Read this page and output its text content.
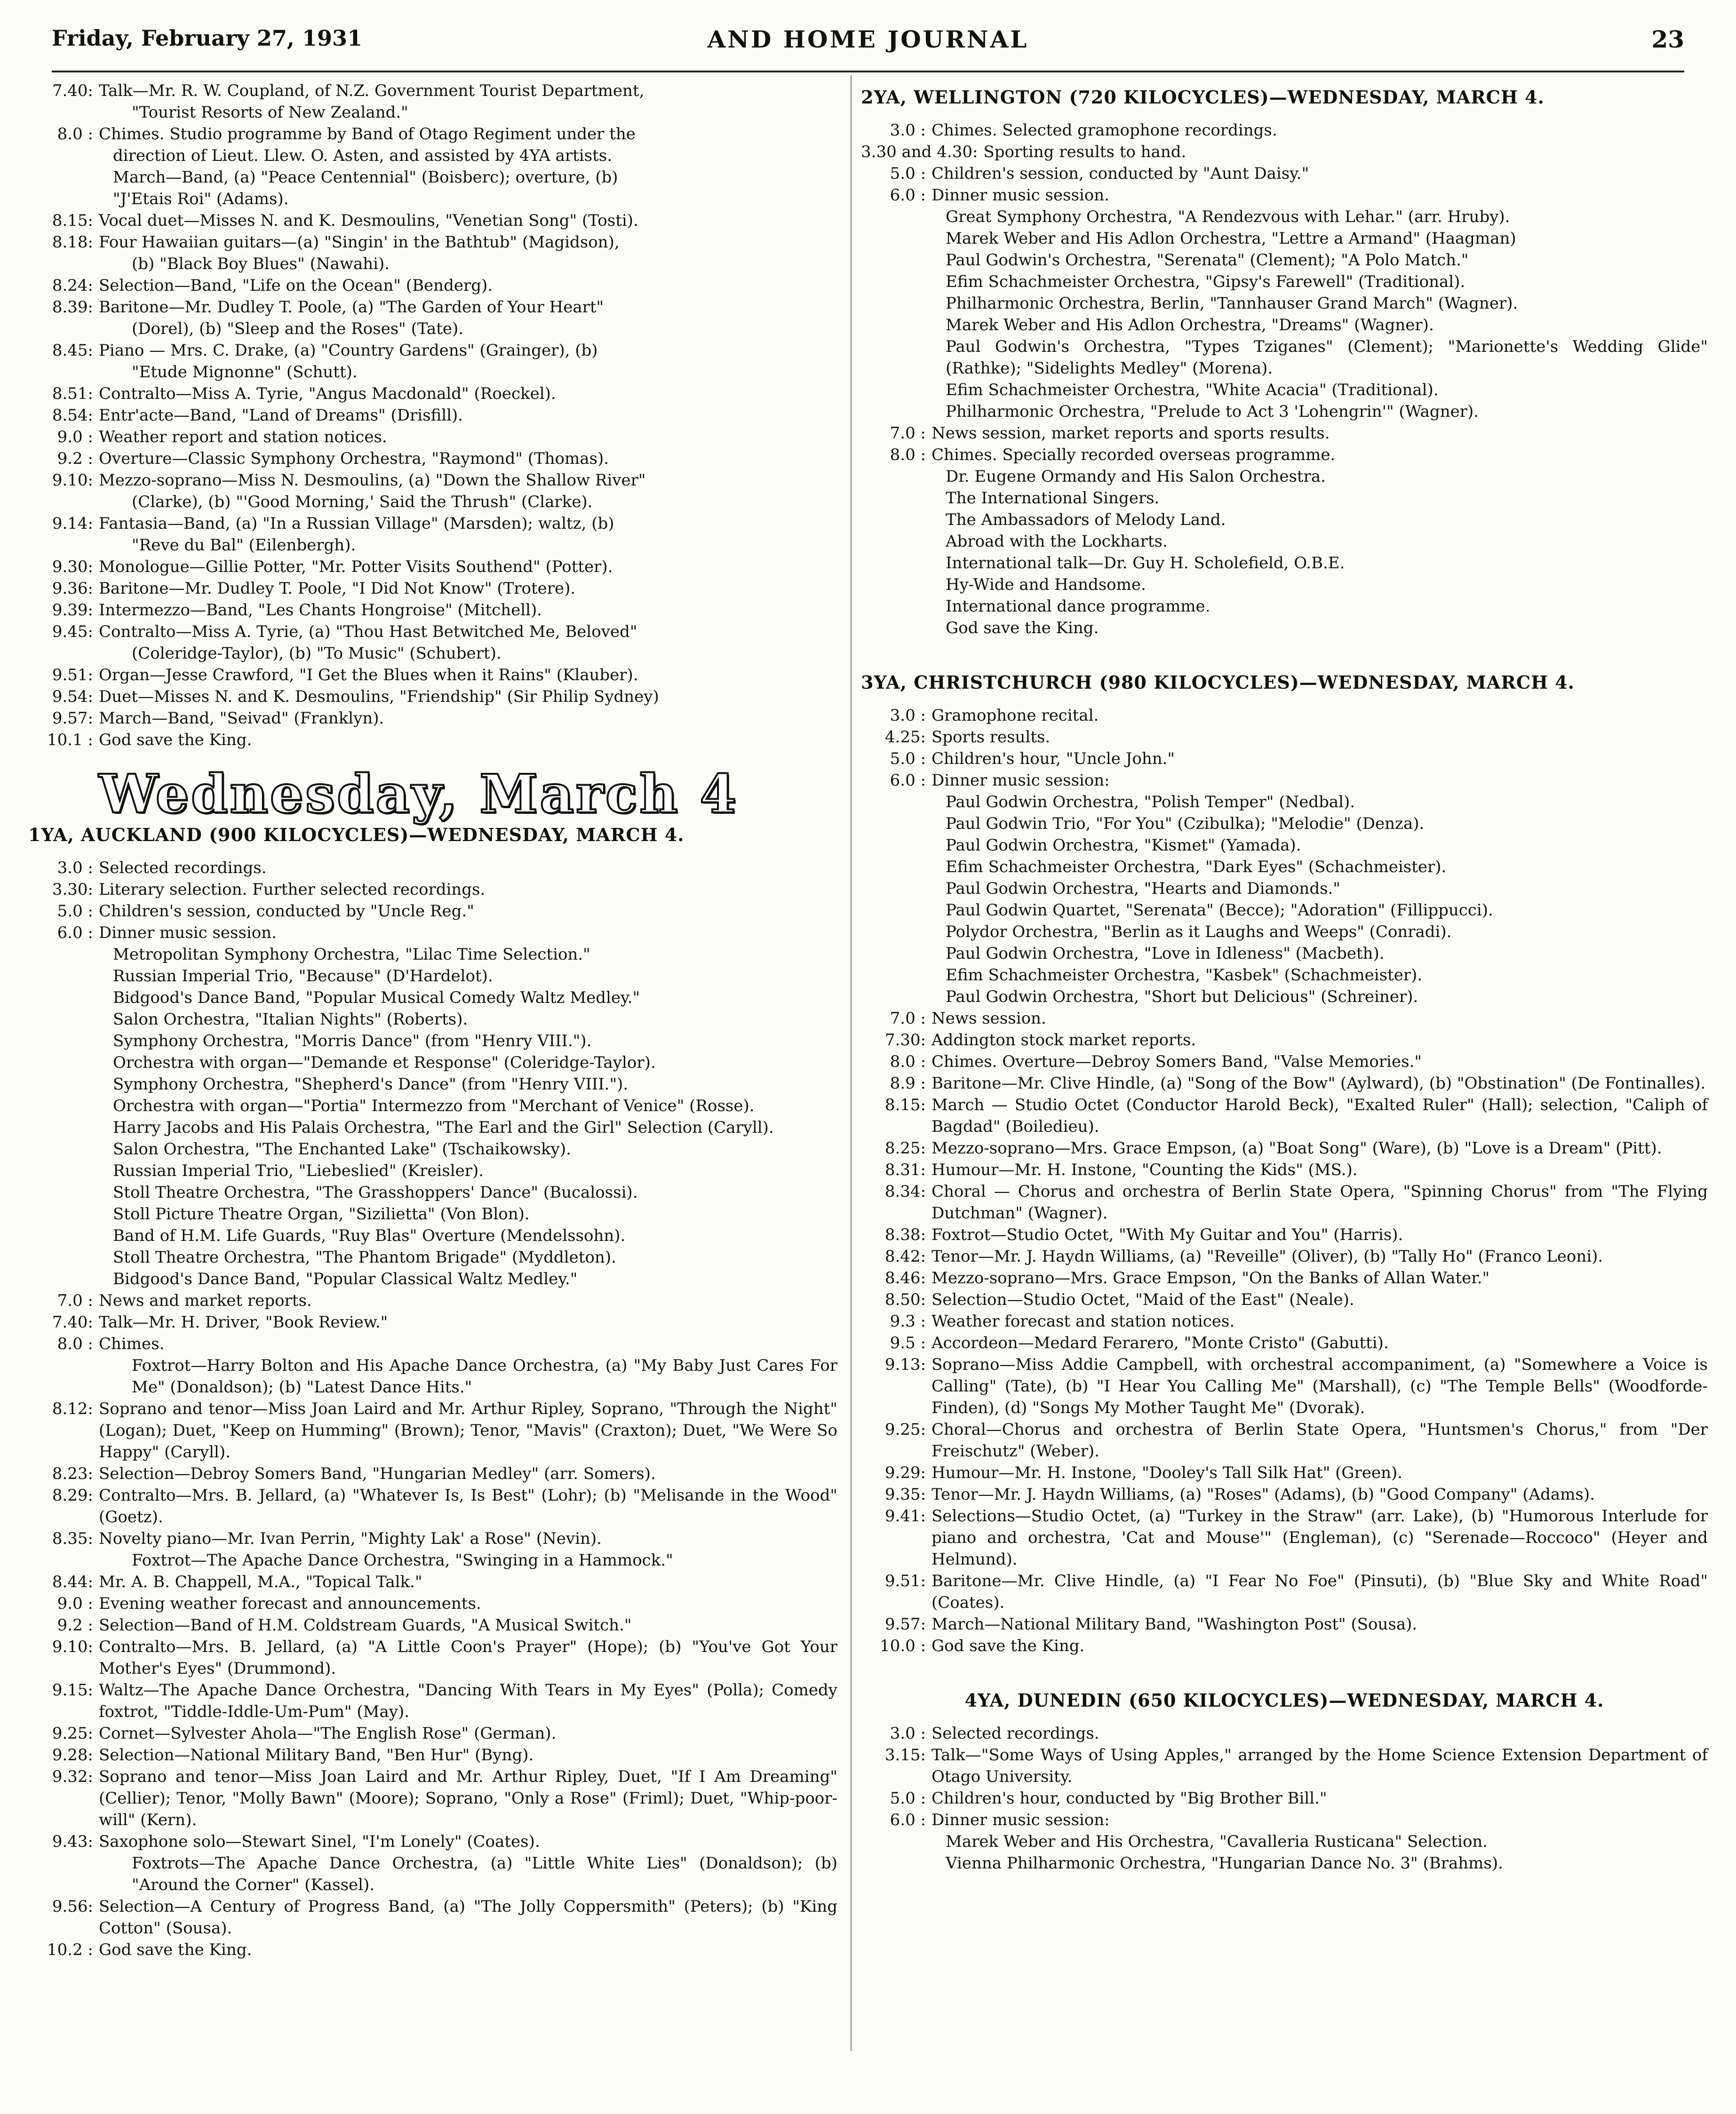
Friday, February 27, 1931	AND HOME JOURNAL	23
7.40: Talk—Mr. R. W. Coupland, of N.Z. Government Tourist Department,
"Tourist Resorts of New Zealand."
8.0 : Chimes. Studio programme by Band of Otago Regiment under the
direction of Lieut. Llew. O. Asten, and assisted by 4YA artists.
March—Band, (a) "Peace Centennial" (Boisberc); overture, (b)
"J'Etais Roi" (Adams).
8.15: Vocal duet—Misses N. and K. Desmoulins, "Venetian Song" (Tosti).
8.18: Four Hawaiian guitars—(a) "Singin' in the Bathtub" (Magidson),
(b) "Black Boy Blues" (Nawahi).
8.24: Selection—Band, "Life on the Ocean" (Benderg).
8.39: Baritone—Mr. Dudley T. Poole, (a) "The Garden of Your Heart"
(Dorel), (b) "Sleep and the Roses" (Tate).
8.45: Piano — Mrs. C. Drake, (a) "Country Gardens" (Grainger), (b)
"Etude Mignonne" (Schutt).
8.51: Contralto—Miss A. Tyrie, "Angus Macdonald" (Roeckel).
8.54: Entr'acte—Band, "Land of Dreams" (Drisfill).
9.0 : Weather report and station notices.
9.2 : Overture—Classic Symphony Orchestra, "Raymond" (Thomas).
9.10: Mezzo-soprano—Miss N. Desmoulins, (a) "Down the Shallow River"
(Clarke), (b) "'Good Morning,' Said the Thrush" (Clarke).
9.14: Fantasia—Band, (a) "In a Russian Village" (Marsden); waltz, (b)
"Reve du Bal" (Eilenbergh).
9.30: Monologue—Gillie Potter, "Mr. Potter Visits Southend" (Potter).
9.36: Baritone—Mr. Dudley T. Poole, "I Did Not Know" (Trotere).
9.39: Intermezzo—Band, "Les Chants Hongroise" (Mitchell).
9.45: Contralto—Miss A. Tyrie, (a) "Thou Hast Betwitched Me, Beloved"
(Coleridge-Taylor), (b) "To Music" (Schubert).
9.51: Organ—Jesse Crawford, "I Get the Blues when it Rains" (Klauber).
9.54: Duet—Misses N. and K. Desmoulins, "Friendship" (Sir Philip Sydney)
9.57: March—Band, "Seivad" (Franklyn).
10.1 : God save the King.
Wednesday, March 4
1YA, AUCKLAND (900 KILOCYCLES)—WEDNESDAY, MARCH 4.
3.0 : Selected recordings.
3.30: Literary selection. Further selected recordings.
5.0 : Children's session, conducted by "Uncle Reg."
6.0 : Dinner music session.
Metropolitan Symphony Orchestra, "Lilac Time Selection."
Russian Imperial Trio, "Because" (D'Hardelot).
Bidgood's Dance Band, "Popular Musical Comedy Waltz Medley."
Salon Orchestra, "Italian Nights" (Roberts).
Symphony Orchestra, "Morris Dance" (from "Henry VIII.").
Orchestra with organ—"Demande et Response" (Coleridge-Taylor).
Symphony Orchestra, "Shepherd's Dance" (from "Henry VIII.").
Orchestra with organ—"Portia" Intermezzo from "Merchant of Venice" (Rosse).
Harry Jacobs and His Palais Orchestra, "The Earl and the Girl" Selection (Caryll).
Salon Orchestra, "The Enchanted Lake" (Tschaikowsky).
Russian Imperial Trio, "Liebeslied" (Kreisler).
Stoll Theatre Orchestra, "The Grasshoppers' Dance" (Bucalossi).
Stoll Picture Theatre Organ, "Sizilietta" (Von Blon).
Band of H.M. Life Guards, "Ruy Blas" Overture (Mendelssohn).
Stoll Theatre Orchestra, "The Phantom Brigade" (Myddleton).
Bidgood's Dance Band, "Popular Classical Waltz Medley."
7.0 : News and market reports.
7.40: Talk—Mr. H. Driver, "Book Review."
8.0 : Chimes.
Foxtrot—Harry Bolton and His Apache Dance Orchestra, (a) "My Baby Just Cares For Me" (Donaldson); (b) "Latest Dance Hits."
8.12: Soprano and tenor—Miss Joan Laird and Mr. Arthur Ripley, Soprano, "Through the Night" (Logan); Duet, "Keep on Humming" (Brown); Tenor, "Mavis" (Craxton); Duet, "We Were So Happy" (Caryll).
8.23: Selection—Debroy Somers Band, "Hungarian Medley" (arr. Somers).
8.29: Contralto—Mrs. B. Jellard, (a) "Whatever Is, Is Best" (Lohr); (b) "Melisande in the Wood" (Goetz).
8.35: Novelty piano—Mr. Ivan Perrin, "Mighty Lak' a Rose" (Nevin).
Foxtrot—The Apache Dance Orchestra, "Swinging in a Hammock."
8.44: Mr. A. B. Chappell, M.A., "Topical Talk."
9.0 : Evening weather forecast and announcements.
9.2 : Selection—Band of H.M. Coldstream Guards, "A Musical Switch."
9.10: Contralto—Mrs. B. Jellard, (a) "A Little Coon's Prayer" (Hope); (b) "You've Got Your Mother's Eyes" (Drummond).
9.15: Waltz—The Apache Dance Orchestra, "Dancing With Tears in My Eyes" (Polla); Comedy foxtrot, "Tiddle-Iddle-Um-Pum" (May).
9.25: Cornet—Sylvester Ahola—"The English Rose" (German).
9.28: Selection—National Military Band, "Ben Hur" (Byng).
9.32: Soprano and tenor—Miss Joan Laird and Mr. Arthur Ripley, Duet, "If I Am Dreaming" (Cellier); Tenor, "Molly Bawn" (Moore); Soprano, "Only a Rose" (Friml); Duet, "Whip-poor-will" (Kern).
9.43: Saxophone solo—Stewart Sinel, "I'm Lonely" (Coates).
Foxtrots—The Apache Dance Orchestra, (a) "Little White Lies" (Donaldson); (b) "Around the Corner" (Kassel).
9.56: Selection—A Century of Progress Band, (a) "The Jolly Coppersmith" (Peters); (b) "King Cotton" (Sousa).
10.2 : God save the King.
2YA, WELLINGTON (720 KILOCYCLES)—WEDNESDAY, MARCH 4.
3.0 : Chimes. Selected gramophone recordings.
3.30 and 4.30: Sporting results to hand.
5.0 : Children's session, conducted by "Aunt Daisy."
6.0 : Dinner music session.
Great Symphony Orchestra, "A Rendezvous with Lehar." (arr. Hruby).
Marek Weber and His Adlon Orchestra, "Lettre a Armand" (Haagman)
Paul Godwin's Orchestra, "Serenata" (Clement); "A Polo Match."
Efim Schachmeister Orchestra, "Gipsy's Farewell" (Traditional).
Philharmonic Orchestra, Berlin, "Tannhauser Grand March" (Wagner).
Marek Weber and His Adlon Orchestra, "Dreams" (Wagner).
Paul Godwin's Orchestra, "Types Tziganes" (Clement); "Marionette's Wedding Glide" (Rathke); "Sidelights Medley" (Morena).
Efim Schachmeister Orchestra, "White Acacia" (Traditional).
Philharmonic Orchestra, "Prelude to Act 3 'Lohengrin'" (Wagner).
7.0 : News session, market reports and sports results.
8.0 : Chimes. Specially recorded overseas programme.
Dr. Eugene Ormandy and His Salon Orchestra.
The International Singers.
The Ambassadors of Melody Land.
Abroad with the Lockharts.
International talk—Dr. Guy H. Scholefield, O.B.E.
Hy-Wide and Handsome.
International dance programme.
God save the King.
3YA, CHRISTCHURCH (980 KILOCYCLES)—WEDNESDAY, MARCH 4.
3.0 : Gramophone recital.
4.25: Sports results.
5.0 : Children's hour, "Uncle John."
6.0 : Dinner music session:
Paul Godwin Orchestra, "Polish Temper" (Nedbal).
Paul Godwin Trio, "For You" (Czibulka); "Melodie" (Denza).
Paul Godwin Orchestra, "Kismet" (Yamada).
Efim Schachmeister Orchestra, "Dark Eyes" (Schachmeister).
Paul Godwin Orchestra, "Hearts and Diamonds."
Paul Godwin Quartet, "Serenata" (Becce); "Adoration" (Fillippucci).
Polydor Orchestra, "Berlin as it Laughs and Weeps" (Conradi).
Paul Godwin Orchestra, "Love in Idleness" (Macbeth).
Efim Schachmeister Orchestra, "Kasbek" (Schachmeister).
Paul Godwin Orchestra, "Short but Delicious" (Schreiner).
7.0 : News session.
7.30: Addington stock market reports.
8.0 : Chimes. Overture—Debroy Somers Band, "Valse Memories."
8.9 : Baritone—Mr. Clive Hindle, (a) "Song of the Bow" (Aylward), (b) "Obstination" (De Fontinalles).
8.15: March — Studio Octet (Conductor Harold Beck), "Exalted Ruler" (Hall); selection, "Caliph of Bagdad" (Boiledieu).
8.25: Mezzo-soprano—Mrs. Grace Empson, (a) "Boat Song" (Ware), (b) "Love is a Dream" (Pitt).
8.31: Humour—Mr. H. Instone, "Counting the Kids" (MS.).
8.34: Choral — Chorus and orchestra of Berlin State Opera, "Spinning Chorus" from "The Flying Dutchman" (Wagner).
8.38: Foxtrot—Studio Octet, "With My Guitar and You" (Harris).
8.42: Tenor—Mr. J. Haydn Williams, (a) "Reveille" (Oliver), (b) "Tally Ho" (Franco Leoni).
8.46: Mezzo-soprano—Mrs. Grace Empson, "On the Banks of Allan Water."
8.50: Selection—Studio Octet, "Maid of the East" (Neale).
9.3 : Weather forecast and station notices.
9.5 : Accordeon—Medard Ferarero, "Monte Cristo" (Gabutti).
9.13: Soprano—Miss Addie Campbell, with orchestral accompaniment, (a) "Somewhere a Voice is Calling" (Tate), (b) "I Hear You Calling Me" (Marshall), (c) "The Temple Bells" (Woodforde-Finden), (d) "Songs My Mother Taught Me" (Dvorak).
9.25: Choral—Chorus and orchestra of Berlin State Opera, "Huntsmen's Chorus," from "Der Freischutz" (Weber).
9.29: Humour—Mr. H. Instone, "Dooley's Tall Silk Hat" (Green).
9.35: Tenor—Mr. J. Haydn Williams, (a) "Roses" (Adams), (b) "Good Company" (Adams).
9.41: Selections—Studio Octet, (a) "Turkey in the Straw" (arr. Lake), (b) "Humorous Interlude for piano and orchestra, 'Cat and Mouse'" (Engleman), (c) "Serenade—Roccoco" (Heyer and Helmund).
9.51: Baritone—Mr. Clive Hindle, (a) "I Fear No Foe" (Pinsuti), (b) "Blue Sky and White Road" (Coates).
9.57: March—National Military Band, "Washington Post" (Sousa).
10.0 : God save the King.
4YA, DUNEDIN (650 KILOCYCLES)—WEDNESDAY, MARCH 4.
3.0 : Selected recordings.
3.15: Talk—"Some Ways of Using Apples," arranged by the Home Science Extension Department of Otago University.
5.0 : Children's hour, conducted by "Big Brother Bill."
6.0 : Dinner music session:
Marek Weber and His Orchestra, "Cavalleria Rusticana" Selection.
Vienna Philharmonic Orchestra, "Hungarian Dance No. 3" (Brahms).
